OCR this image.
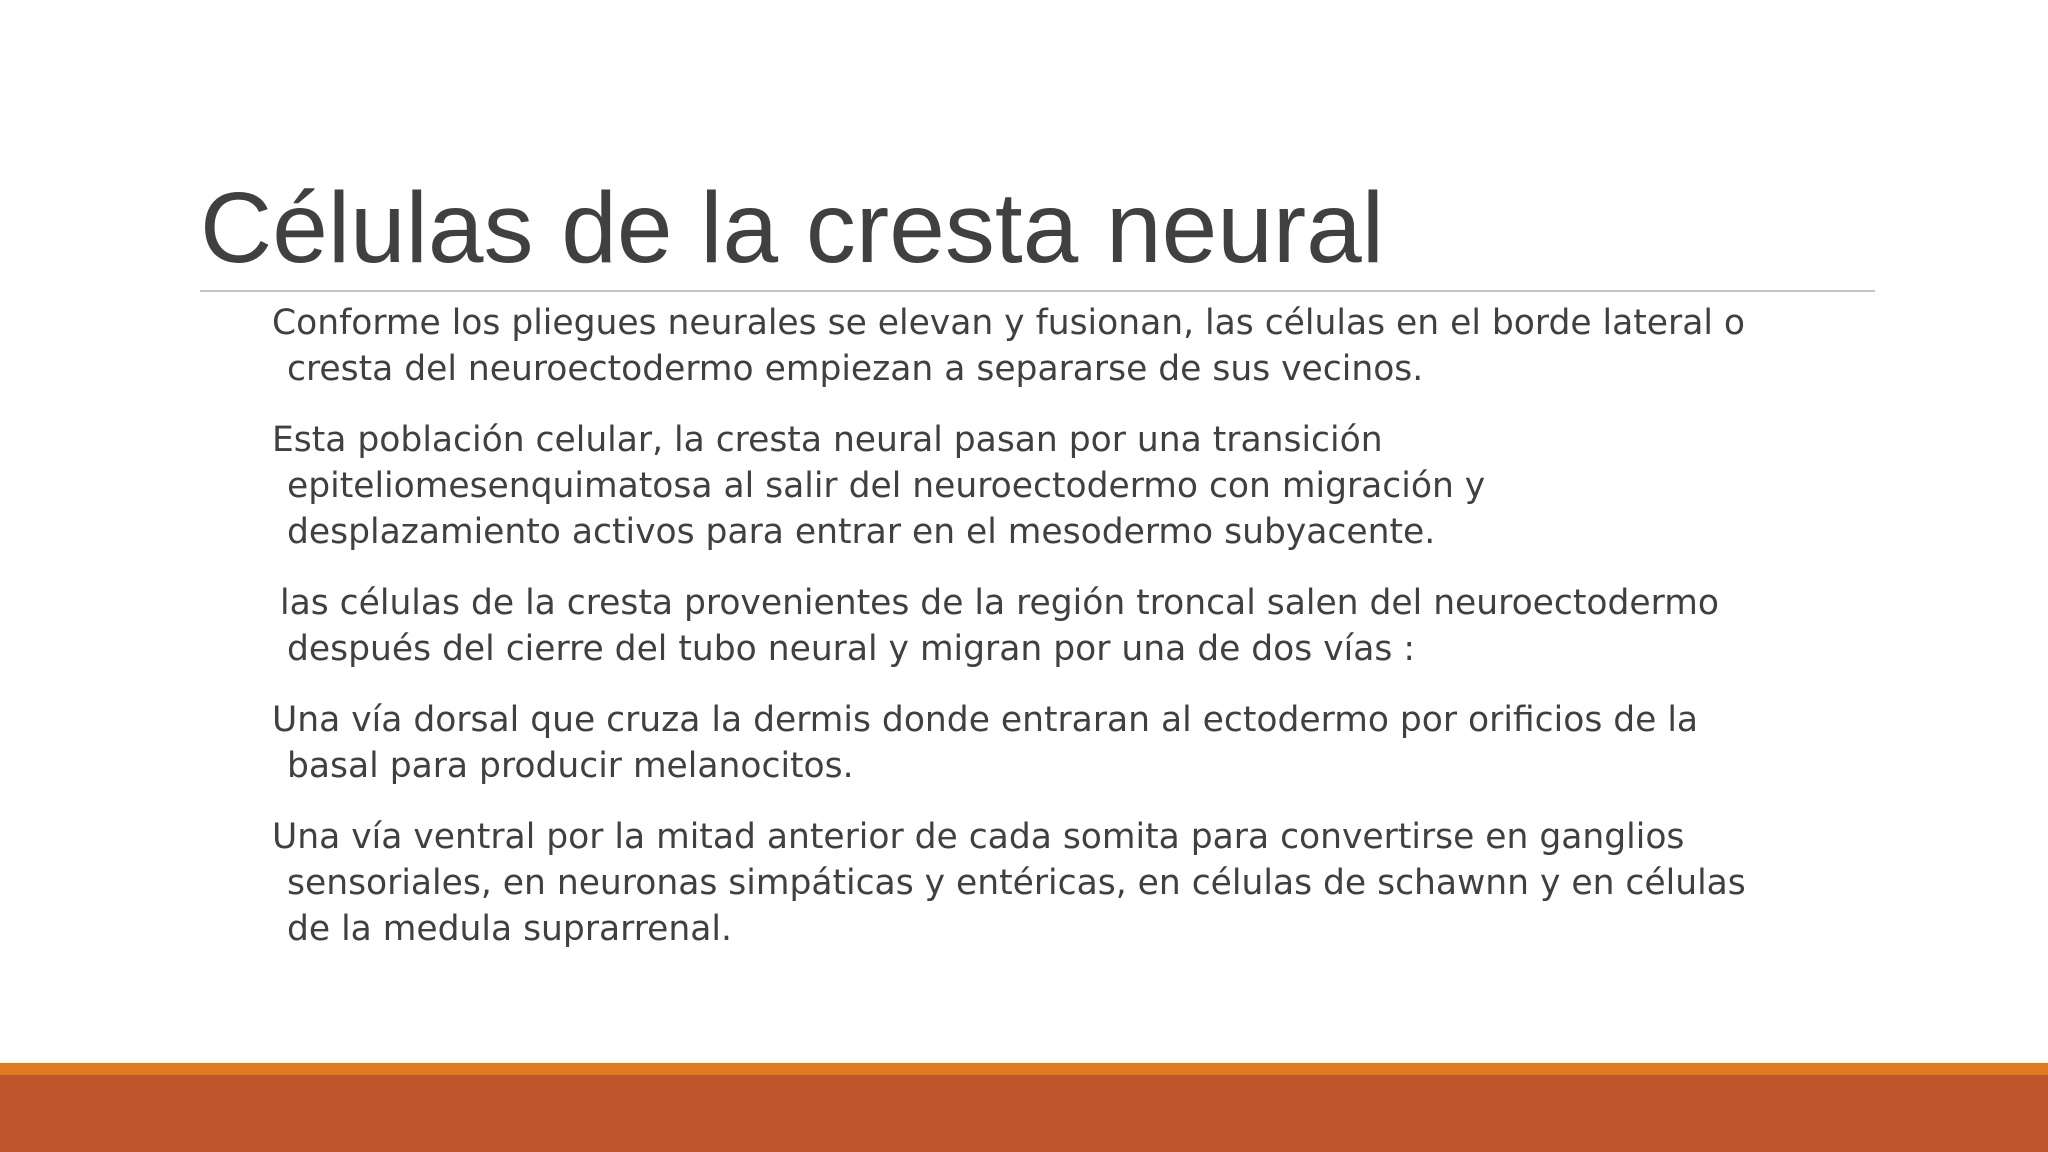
Células de la cresta neural

Conforme los pliegues neurales se elevan y fusionan, las células en el borde lateral o cresta del neuroectodermo empiezan a separarse de sus vecinos.

Esta población celular, la cresta neural pasan por una transición epiteliomesenquimatosa al salir del neuroectodermo con migración y desplazamiento activos para entrar en el mesodermo subyacente.

las células de la cresta provenientes de la región troncal salen del neuroectodermo después del cierre del tubo neural y migran por una de dos vías :

Una vía dorsal que cruza la dermis donde entraran al ectodermo por orificios de la basal para producir melanocitos.

Una vía ventral por la mitad anterior de cada somita para convertirse en ganglios sensoriales, en neuronas simpáticas y entéricas, en células de schawnn y en células de la medula suprarrenal.
